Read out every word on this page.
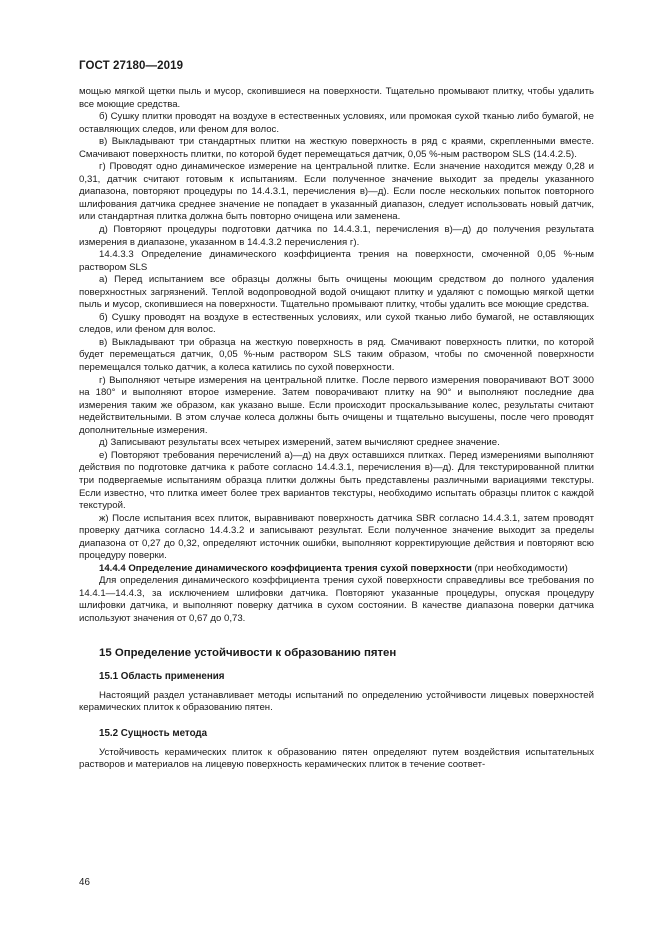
ГОСТ 27180—2019

мощью мягкой щетки пыль и мусор, скопившиеся на поверхности. Тщательно промывают плитку, чтобы удалить все моющие средства.

б) Сушку плитки проводят на воздухе в естественных условиях, или промокая сухой тканью либо бумагой, не оставляющих следов, или феном для волос.

в) Выкладывают три стандартных плитки на жесткую поверхность в ряд с краями, скрепленными вместе. Смачивают поверхность плитки, по которой будет перемещаться датчик, 0,05 %-ным раствором SLS (14.4.2.5).

г) Проводят одно динамическое измерение на центральной плитке. Если значение находится между 0,28 и 0,31, датчик считают готовым к испытаниям. Если полученное значение выходит за пределы указанного диапазона, повторяют процедуры по 14.4.3.1, перечисления в)—д). Если после нескольких попыток повторного шлифования датчика среднее значение не попадает в указанный диапазон, следует использовать новый датчик, или стандартная плитка должна быть повторно очищена или заменена.

д) Повторяют процедуры подготовки датчика по 14.4.3.1, перечисления в)—д) до получения результата измерения в диапазоне, указанном в 14.4.3.2 перечисления г).

14.4.3.3 Определение динамического коэффициента трения на поверхности, смоченной 0,05 %-ным раствором SLS

а) Перед испытанием все образцы должны быть очищены моющим средством до полного удаления поверхностных загрязнений. Теплой водопроводной водой очищают плитку и удаляют с помощью мягкой щетки пыль и мусор, скопившиеся на поверхности. Тщательно промывают плитку, чтобы удалить все моющие средства.

б) Сушку проводят на воздухе в естественных условиях, или сухой тканью либо бумагой, не оставляющих следов, или феном для волос.

в) Выкладывают три образца на жесткую поверхность в ряд. Смачивают поверхность плитки, по которой будет перемещаться датчик, 0,05 %-ным раствором SLS таким образом, чтобы по смоченной поверхности перемещался только датчик, а колеса катились по сухой поверхности.

г) Выполняют четыре измерения на центральной плитке. После первого измерения поворачивают BOT 3000 на 180° и выполняют второе измерение. Затем поворачивают плитку на 90° и выполняют последние два измерения таким же образом, как указано выше. Если происходит проскальзывание колес, результаты считают недействительными. В этом случае колеса должны быть очищены и тщательно высушены, после чего проводят дополнительные измерения.

д) Записывают результаты всех четырех измерений, затем вычисляют среднее значение.

е) Повторяют требования перечислений а)—д) на двух оставшихся плитках. Перед измерениями выполняют действия по подготовке датчика к работе согласно 14.4.3.1, перечисления в)—д). Для текстурированной плитки три подвергаемые испытаниям образца плитки должны быть представлены различными вариациями текстуры. Если известно, что плитка имеет более трех вариантов текстуры, необходимо испытать образцы плиток с каждой текстурой.

ж) После испытания всех плиток, выравнивают поверхность датчика SBR согласно 14.4.3.1, затем проводят проверку датчика согласно 14.4.3.2 и записывают результат. Если полученное значение выходит за пределы диапазона от 0,27 до 0,32, определяют источник ошибки, выполняют корректирующие действия и повторяют всю процедуру поверки.

14.4.4 Определение динамического коэффициента трения сухой поверхности (при необходимости)

Для определения динамического коэффициента трения сухой поверхности справедливы все требования по 14.4.1—14.4.3, за исключением шлифовки датчика. Повторяют указанные процедуры, опуская процедуру шлифовки датчика, и выполняют поверку датчика в сухом состоянии. В качестве диапазона поверки датчика используют значения от 0,67 до 0,73.

15 Определение устойчивости к образованию пятен
15.1 Область применения

Настоящий раздел устанавливает методы испытаний по определению устойчивости лицевых поверхностей керамических плиток к образованию пятен.

15.2 Сущность метода

Устойчивость керамических плиток к образованию пятен определяют путем воздействия испытательных растворов и материалов на лицевую поверхность керамических плиток в течение соответ-

46
